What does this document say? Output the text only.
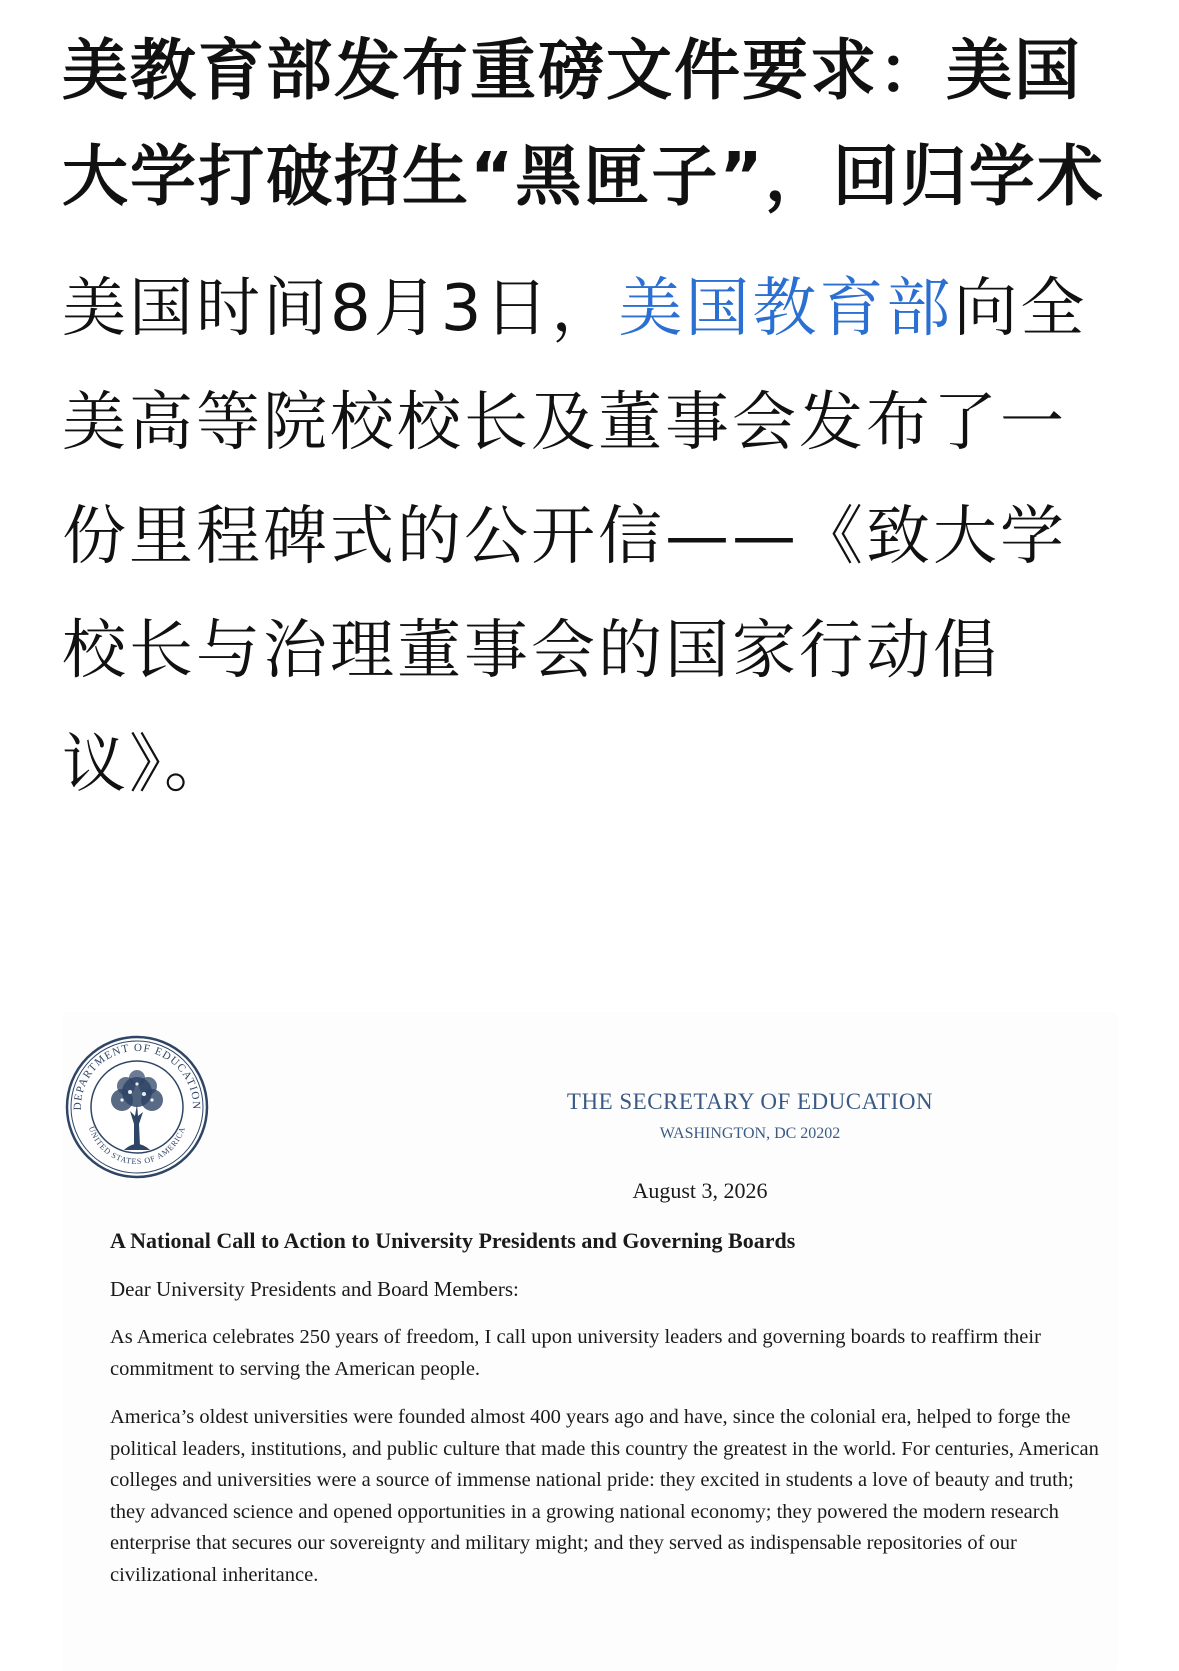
美教育部发布重磅文件要求：美国大学打破招生“黑匣子”，回归学术

美国时间8月3日，美国教育部向全美高等院校校长及董事会发布了一份里程碑式的公开信——《致大学校长与治理董事会的国家行动倡议》。

DEPARTMENT OF EDUCATION
UNITED STATES OF AMERICA
THE SECRETARY OF EDUCATION
WASHINGTON, DC 20202
August 3, 2026
A National Call to Action to University Presidents and Governing Boards
Dear University Presidents and Board Members:

As America celebrates 250 years of freedom, I call upon university leaders and governing boards to reaffirm their commitment to serving the American people.

America’s oldest universities were founded almost 400 years ago and have, since the colonial era, helped to forge the political leaders, institutions, and public culture that made this country the greatest in the world. For centuries, American colleges and universities were a source of immense national pride: they excited in students a love of beauty and truth; they advanced science and opened opportunities in a growing national economy; they powered the modern research enterprise that secures our sovereignty and military might; and they served as indispensable repositories of our civilizational inheritance.
